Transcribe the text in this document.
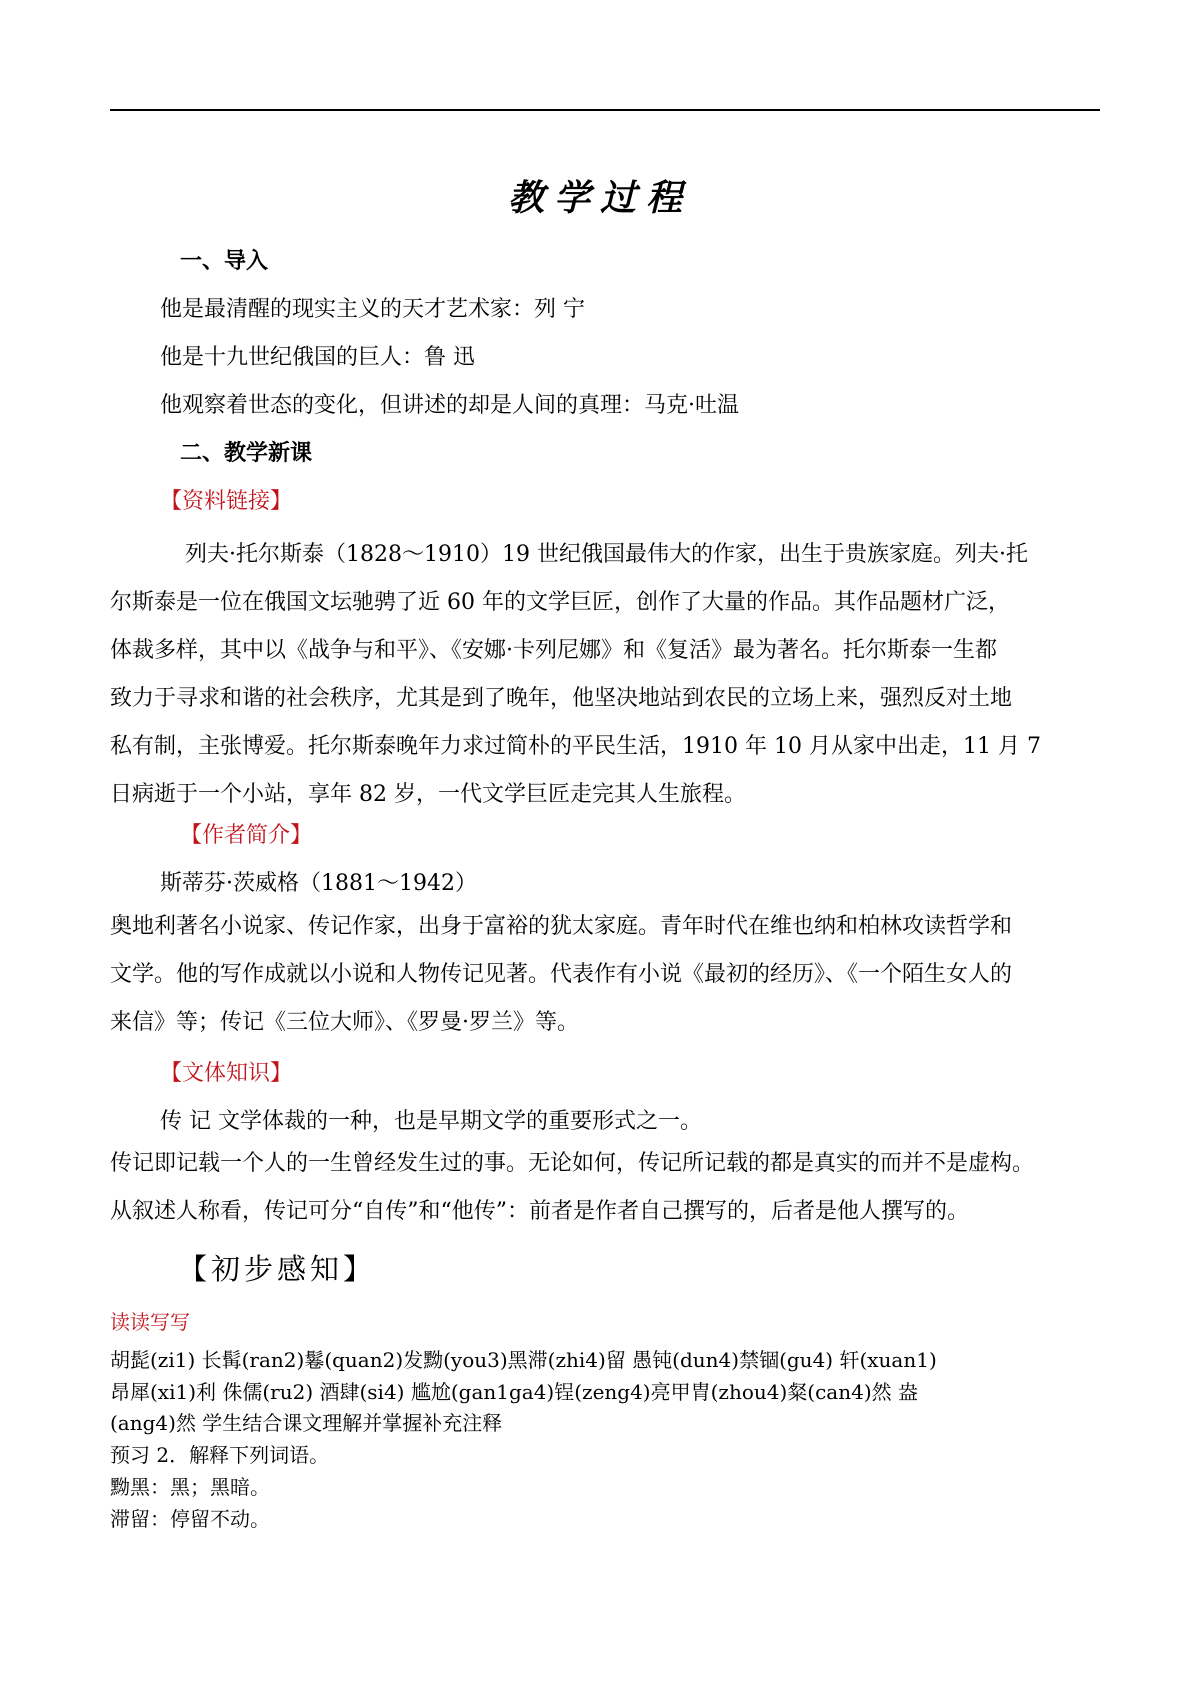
教学过程
一、导入
他是最清醒的现实主义的天才艺术家：列 宁
他是十九世纪俄国的巨人：鲁 迅
他观察着世态的变化，但讲述的却是人间的真理：马克·吐温
二、教学新课
【资料链接】
列夫·托尔斯泰（1828～1910）19 世纪俄国最伟大的作家，出生于贵族家庭。列夫·托
尔斯泰是一位在俄国文坛驰骋了近 60 年的文学巨匠，创作了大量的作品。其作品题材广泛，
体裁多样，其中以《战争与和平》、《安娜·卡列尼娜》和《复活》最为著名。托尔斯泰一生都
致力于寻求和谐的社会秩序，尤其是到了晚年，他坚决地站到农民的立场上来，强烈反对土地
私有制，主张博爱。托尔斯泰晚年力求过简朴的平民生活，1910 年 10 月从家中出走，11 月 7
日病逝于一个小站，享年 82 岁，一代文学巨匠走完其人生旅程。
【作者简介】
斯蒂芬·茨威格（1881～1942）
奥地利著名小说家、传记作家，出身于富裕的犹太家庭。青年时代在维也纳和柏林攻读哲学和
文学。他的写作成就以小说和人物传记见著。代表作有小说《最初的经历》、《一个陌生女人的
来信》等；传记《三位大师》、《罗曼·罗兰》等。
【文体知识】
传 记 文学体裁的一种，也是早期文学的重要形式之一。
传记即记载一个人的一生曾经发生过的事。无论如何，传记所记载的都是真实的而并不是虚构。
从叙述人称看，传记可分“自传”和“他传”：前者是作者自己撰写的，后者是他人撰写的。
【初步感知】
读读写写
胡髭(zi1) 长髯(ran2)鬈(quan2)发黝(you3)黑滞(zhi4)留 愚钝(dun4)禁锢(gu4) 轩(xuan1)
昂犀(xi1)利 侏儒(ru2) 酒肆(si4) 尴尬(gan1ga4)锃(zeng4)亮甲胄(zhou4)粲(can4)然 盎
(ang4)然 学生结合课文理解并掌握补充注释
预习 2．解释下列词语。
黝黑：黑；黑暗。
滞留：停留不动。
